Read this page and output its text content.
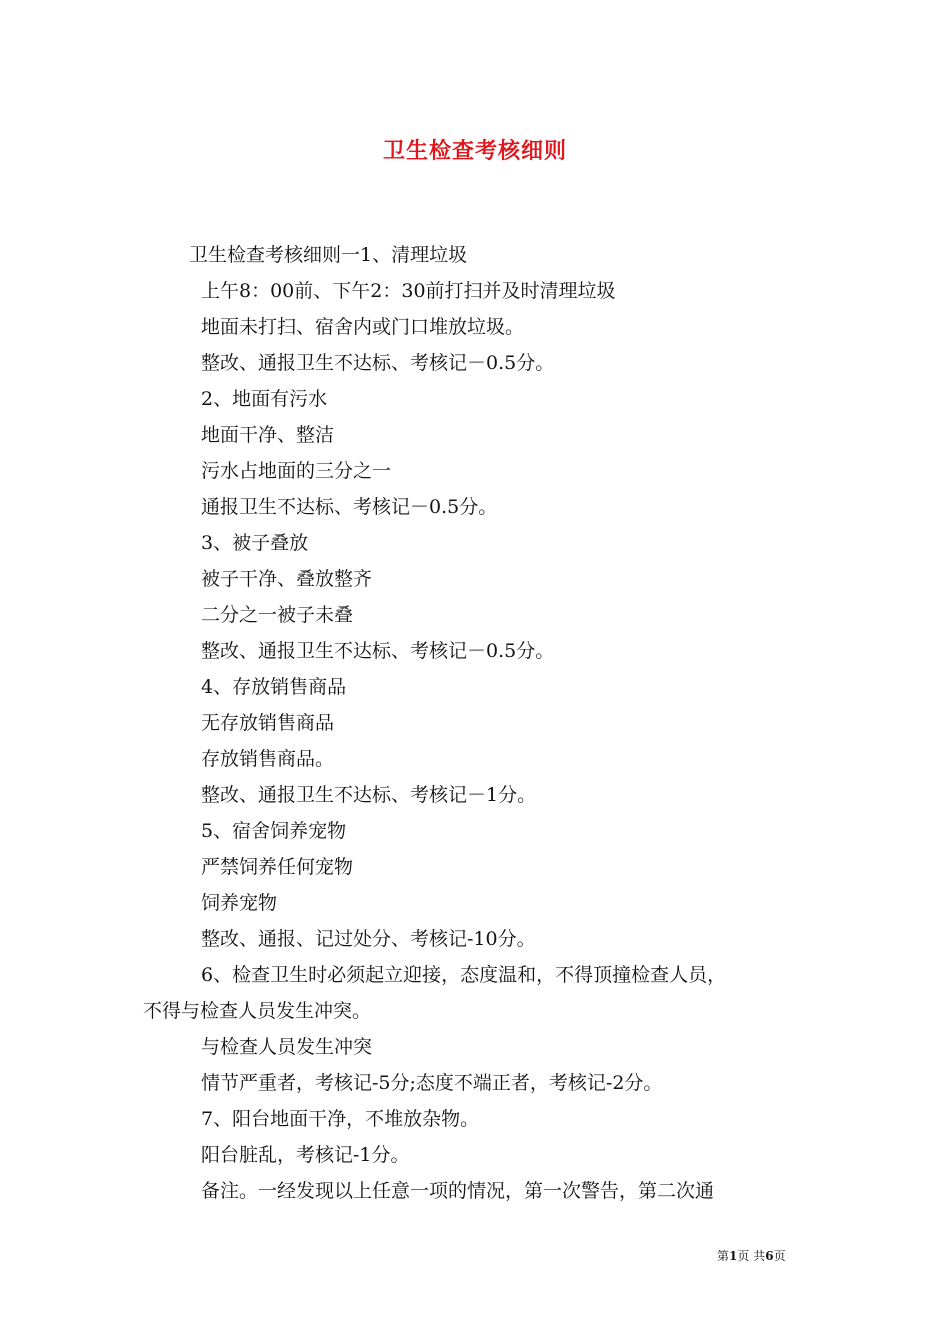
卫生检查考核细则
卫生检查考核细则一1、清理垃圾
上午8：00前、下午2：30前打扫并及时清理垃圾
地面未打扫、宿舍内或门口堆放垃圾。
整改、通报卫生不达标、考核记－0.5分。
2、地面有污水
地面干净、整洁
污水占地面的三分之一
通报卫生不达标、考核记－0.5分。
3、被子叠放
被子干净、叠放整齐
二分之一被子未叠
整改、通报卫生不达标、考核记－0.5分。
4、存放销售商品
无存放销售商品
存放销售商品。
整改、通报卫生不达标、考核记－1分。
5、宿舍饲养宠物
严禁饲养任何宠物
饲养宠物
整改、通报、记过处分、考核记-10分。
6、检查卫生时必须起立迎接，态度温和，不得顶撞检查人员，
不得与检查人员发生冲突。
与检查人员发生冲突
情节严重者，考核记-5分;态度不端正者，考核记-2分。
7、阳台地面干净，不堆放杂物。
阳台脏乱，考核记-1分。
备注。一经发现以上任意一项的情况，第一次警告，第二次通
第1页 共6页
